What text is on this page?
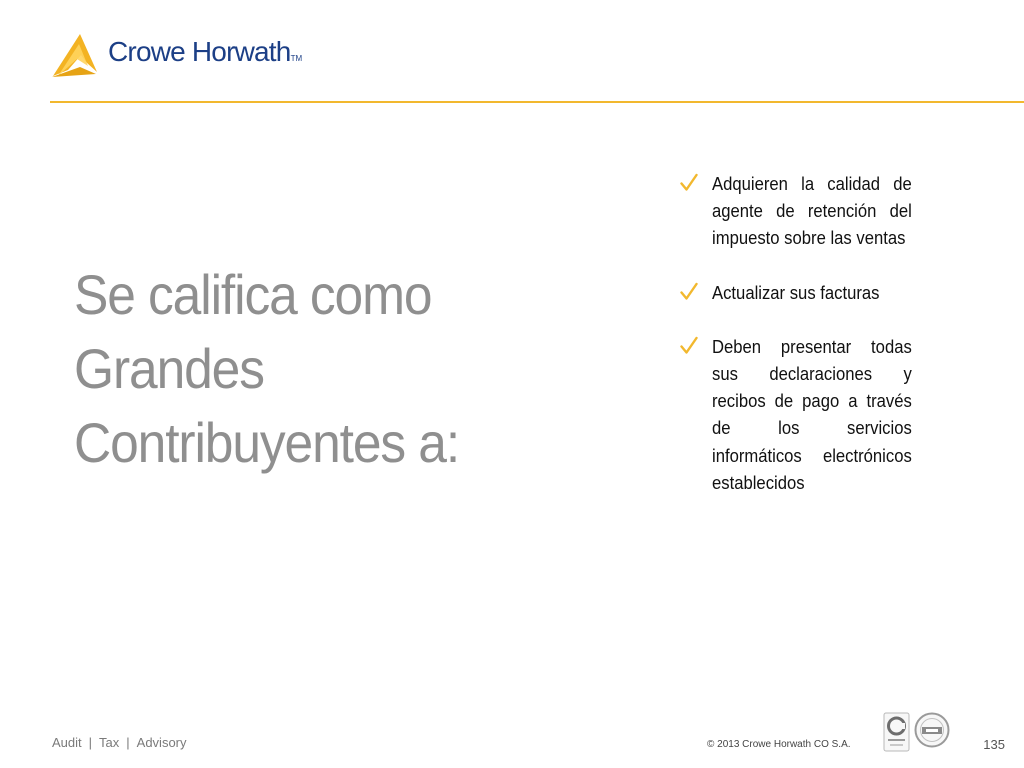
Crowe HorwathTM
Se califica como
Grandes
Contribuyentes a:
Adquieren la calidad de agente de retención del impuesto sobre las ventas
Actualizar sus facturas
Deben presentar todas sus declaraciones y recibos de pago a través de los servicios informáticos electrónicos establecidos
Audit | Tax | Advisory	© 2013 Crowe Horwath CO S.A.	135
